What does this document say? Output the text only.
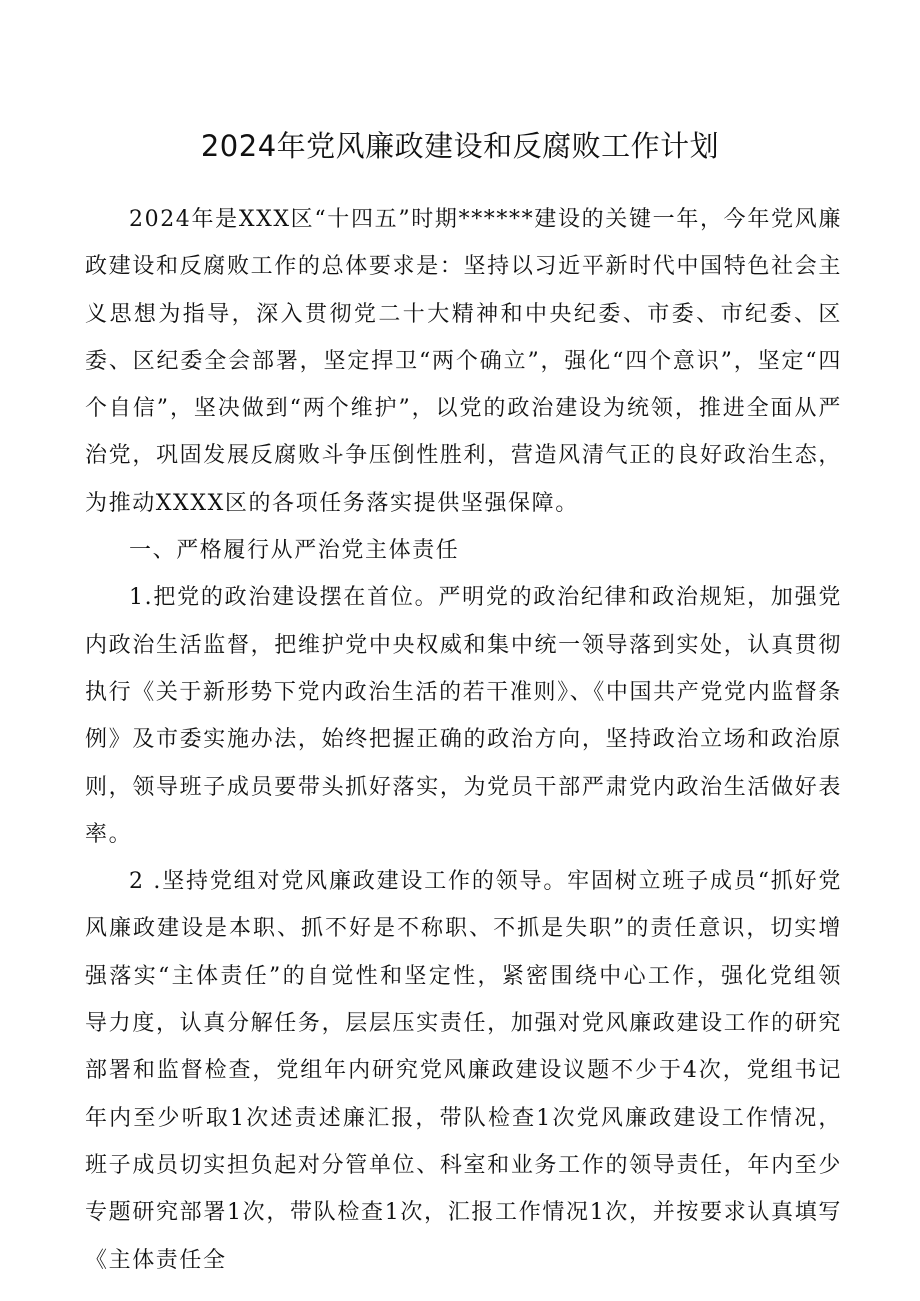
2024年党风廉政建设和反腐败工作计划

2024年是XXX区“十四五”时期******建设的关键一年，今年党风廉政建设和反腐败工作的总体要求是：坚持以习近平新时代中国特色社会主义思想为指导，深入贯彻党二十大精神和中央纪委、市委、市纪委、区委、区纪委全会部署，坚定捍卫“两个确立”，强化“四个意识”，坚定“四个自信”，坚决做到“两个维护”，以党的政治建设为统领，推进全面从严治党，巩固发展反腐败斗争压倒性胜利，营造风清气正的良好政治生态，为推动XXXX区的各项任务落实提供坚强保障。

一、严格履行从严治党主体责任

1.把党的政治建设摆在首位。严明党的政治纪律和政治规矩，加强党内政治生活监督，把维护党中央权威和集中统一领导落到实处，认真贯彻执行《关于新形势下党内政治生活的若干准则》、《中国共产党党内监督条例》及市委实施办法，始终把握正确的政治方向，坚持政治立场和政治原则，领导班子成员要带头抓好落实，为党员干部严肃党内政治生活做好表率。

2 .坚持党组对党风廉政建设工作的领导。牢固树立班子成员“抓好党风廉政建设是本职、抓不好是不称职、不抓是失职”的责任意识，切实增强落实“主体责任”的自觉性和坚定性，紧密围绕中心工作，强化党组领导力度，认真分解任务，层层压实责任，加强对党风廉政建设工作的研究部署和监督检查，党组年内研究党风廉政建设议题不少于4次，党组书记年内至少听取1次述责述廉汇报，带队检查1次党风廉政建设工作情况，班子成员切实担负起对分管单位、科室和业务工作的领导责任，年内至少专题研究部署1次，带队检查1次，汇报工作情况1次，并按要求认真填写《主体责任全
